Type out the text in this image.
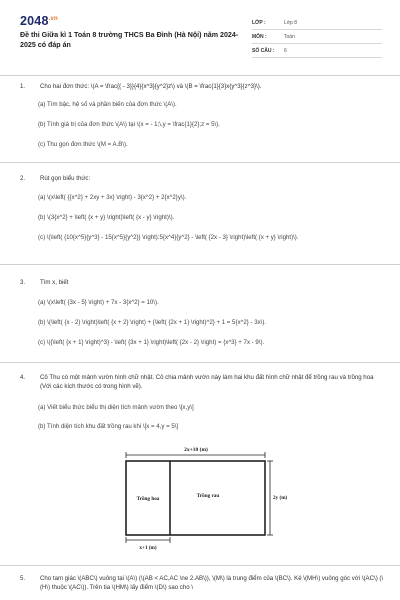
$2048^{.vn}$
Đề thi Giữa kì 1 Toán 8 trường THCS Ba Đình (Hà Nội) năm 2024-2025 có đáp án
LỚP :	Lớp 8
MÔN :	Toán
SỐ CÂU :	6
1.	Cho hai đơn thức: \(A = \frac{{ - 3}}{4}{x^3}{y^2}z\) và \(B = \frac{1}{3}x{y^3}{z^3}\).
(a) Tìm bậc, hệ số và phần biến của đơn thức \(A\).
(b) Tính giá trị của đơn thức \(A\) tại \(x = - 1;\,y = \frac{1}{2};z = 5\).
(c) Thu gọn đơn thức \(M = A.B\).
2.	Rút gọn biểu thức:
(a) \(x\left( {{x^2} + 2xy + 3x} \right) - 3{x^2} + 2{x^2}y\).
(b) \(3{x^2} + \left( {x + y} \right)\left( {x - y} \right)\).
(c) \(\left( {10{x^5}{y^3} - 15{x^5}{y^2}} \right):5{x^4}{y^2} - \left( {2x - 3} \right)\left( {x + y} \right)\).
3.	Tìm x, biết
(a) \(x\left( {3x - 5} \right) + 7x - 3{x^2} = 10\).
(b) \(\left( {x - 2} \right)\left( {x + 2} \right) + {\left( {2x + 1} \right)^2} + 1 = 5{x^2} - 3x\).
(c) \({\left( {x + 1} \right)^3} - \left( {3x + 1} \right)\left( {2x - 2} \right) = {x^3} + 7x - 9\).
4.	Cô Thu có một mảnh vườn hình chữ nhật. Cô chia mảnh vườn này làm hai khu đất hình chữ nhật để trồng rau và trồng hoa (Với các kích thước có trong hình vẽ).
(a) Viết biểu thức biểu thị diện tích mảnh vườn theo \[x,y\]
(b) Tính diện tích khu đất trồng rau khi \[x = 4,y = 5\]
2x+10 (m)
Trồng hoa	Trồng rau	2y (m)
x+1 (m)
5.	Cho tam giác \(ABC\) vuông tại \(A\) (\(AB < AC,AC \ne 2.AB\)), \(M\) là trung điểm của \(BC\). Kẻ \(MH\) vuông góc với \(AC\) (\(H\) thuộc \(AC\)). Trên tia \(HM\) lấy điểm \(D\) sao cho \
